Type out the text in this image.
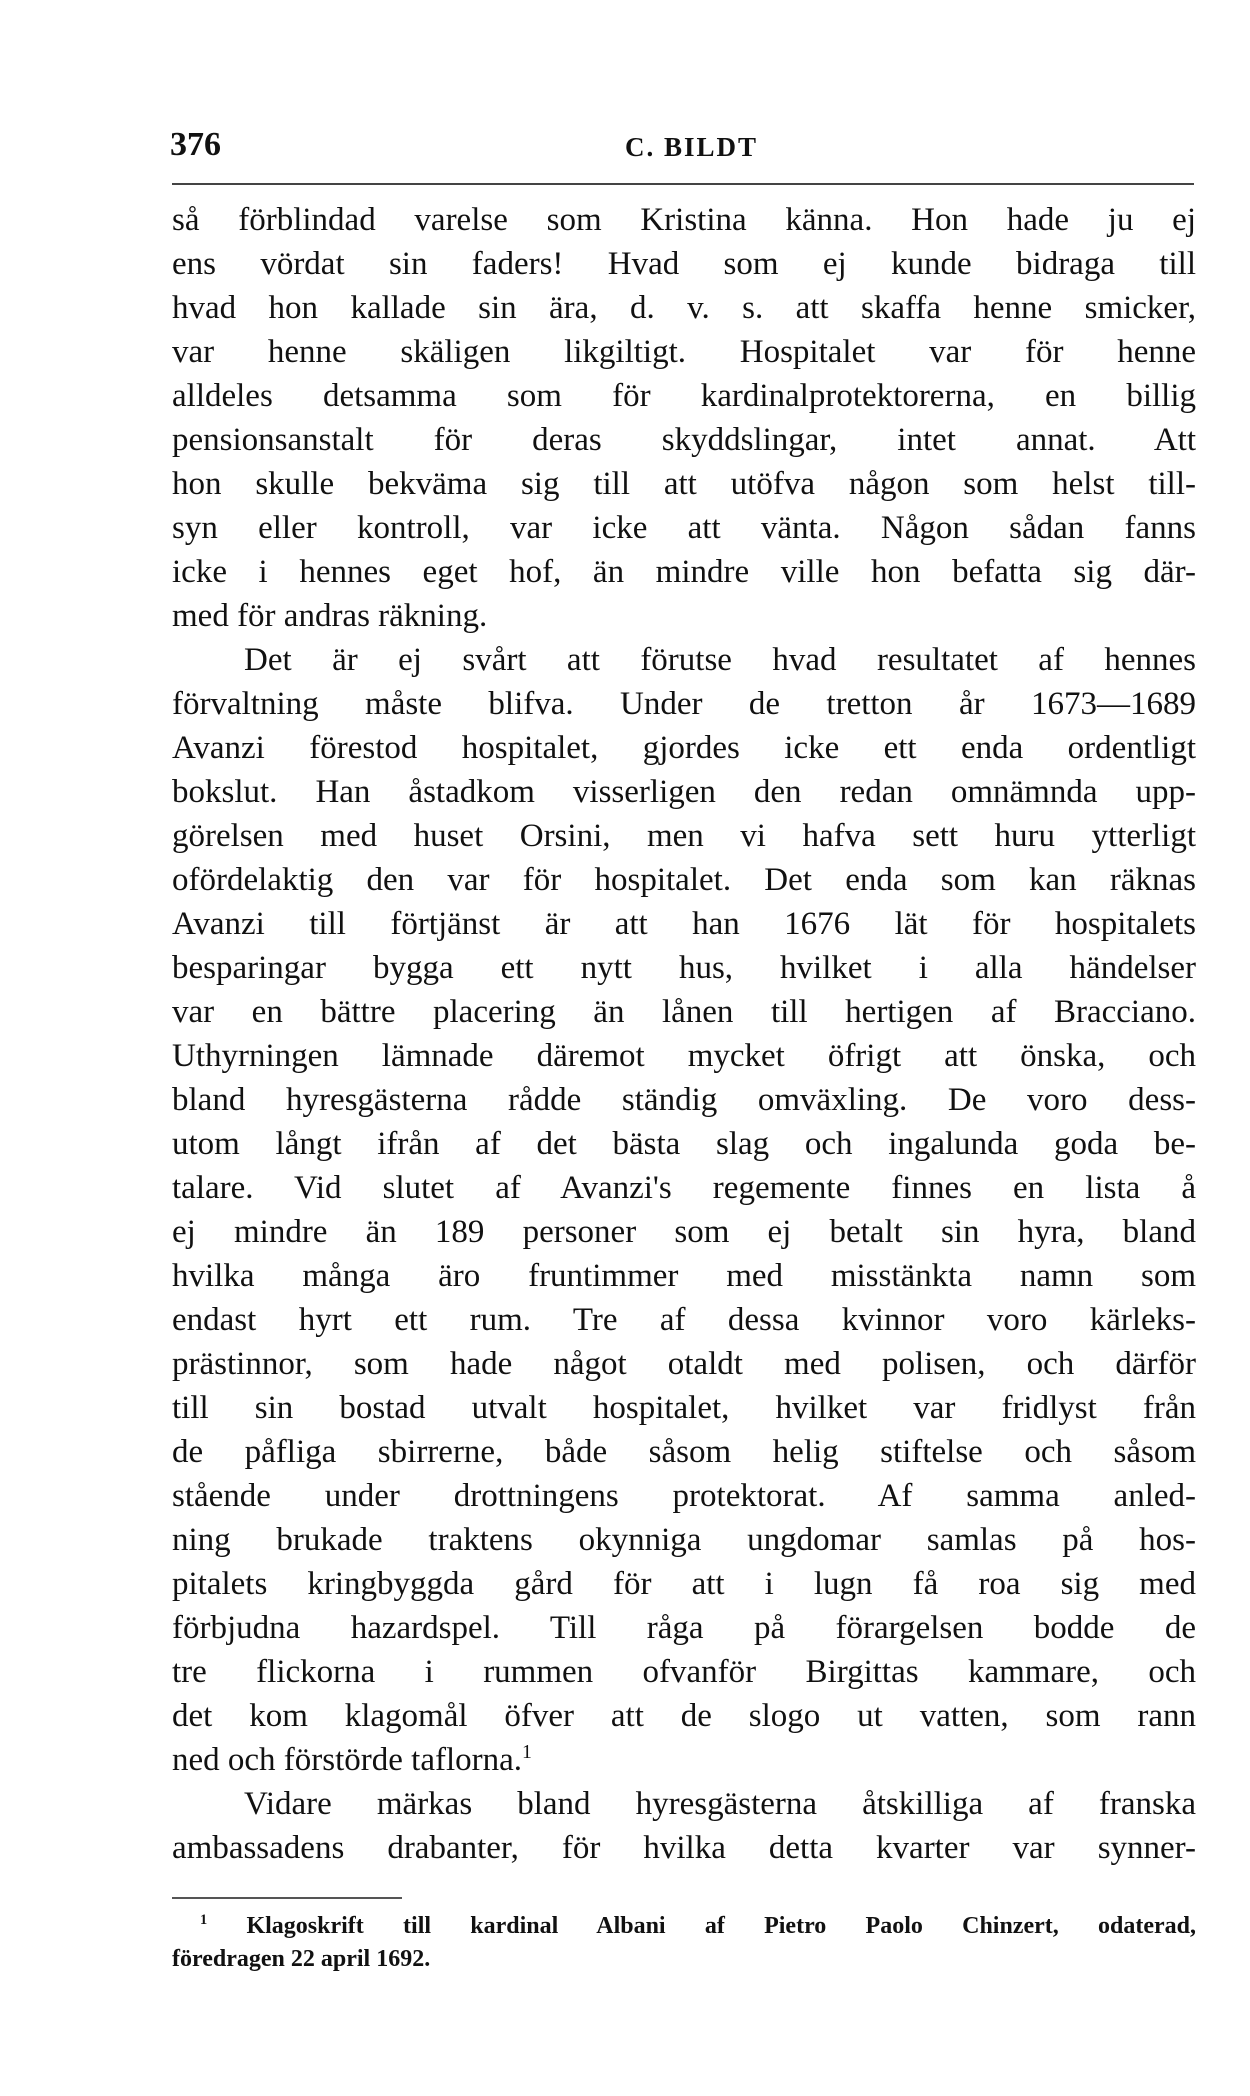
376	C. BILDT
så förblindad varelse som Kristina känna. Hon hade ju ej
ens vördat sin faders! Hvad som ej kunde bidraga till
hvad hon kallade sin ära, d. v. s. att skaffa henne smicker,
var henne skäligen likgiltigt. Hospitalet var för henne
alldeles detsamma som för kardinalprotektorerna, en billig
pensionsanstalt för deras skyddslingar, intet annat. Att
hon skulle bekväma sig till att utöfva någon som helst till-
syn eller kontroll, var icke att vänta. Någon sådan fanns
icke i hennes eget hof, än mindre ville hon befatta sig där-
med för andras räkning.
Det är ej svårt att förutse hvad resultatet af hennes
förvaltning måste blifva. Under de tretton år 1673—1689
Avanzi förestod hospitalet, gjordes icke ett enda ordentligt
bokslut. Han åstadkom visserligen den redan omnämnda upp-
görelsen med huset Orsini, men vi hafva sett huru ytterligt
ofördelaktig den var för hospitalet. Det enda som kan räknas
Avanzi till förtjänst är att han 1676 lät för hospitalets
besparingar bygga ett nytt hus, hvilket i alla händelser
var en bättre placering än lånen till hertigen af Bracciano.
Uthyrningen lämnade däremot mycket öfrigt att önska, och
bland hyresgästerna rådde ständig omväxling. De voro dess-
utom långt ifrån af det bästa slag och ingalunda goda be-
talare. Vid slutet af Avanzi's regemente finnes en lista å
ej mindre än 189 personer som ej betalt sin hyra, bland
hvilka många äro fruntimmer med misstänkta namn som
endast hyrt ett rum. Tre af dessa kvinnor voro kärleks-
prästinnor, som hade något otaldt med polisen, och därför
till sin bostad utvalt hospitalet, hvilket var fridlyst från
de påfliga sbirrerne, både såsom helig stiftelse och såsom
stående under drottningens protektorat. Af samma anled-
ning brukade traktens okynniga ungdomar samlas på hos-
pitalets kringbyggda gård för att i lugn få roa sig med
förbjudna hazardspel. Till råga på förargelsen bodde de
tre flickorna i rummen ofvanför Birgittas kammare, och
det kom klagomål öfver att de slogo ut vatten, som rann
ned och förstörde taflorna.$^1$
Vidare märkas bland hyresgästerna åtskilliga af franska
ambassadens drabanter, för hvilka detta kvarter var synner-
$^1$ Klagoskrift till kardinal Albani af Pietro Paolo Chinzert, odaterad,
föredragen 22 april 1692.
